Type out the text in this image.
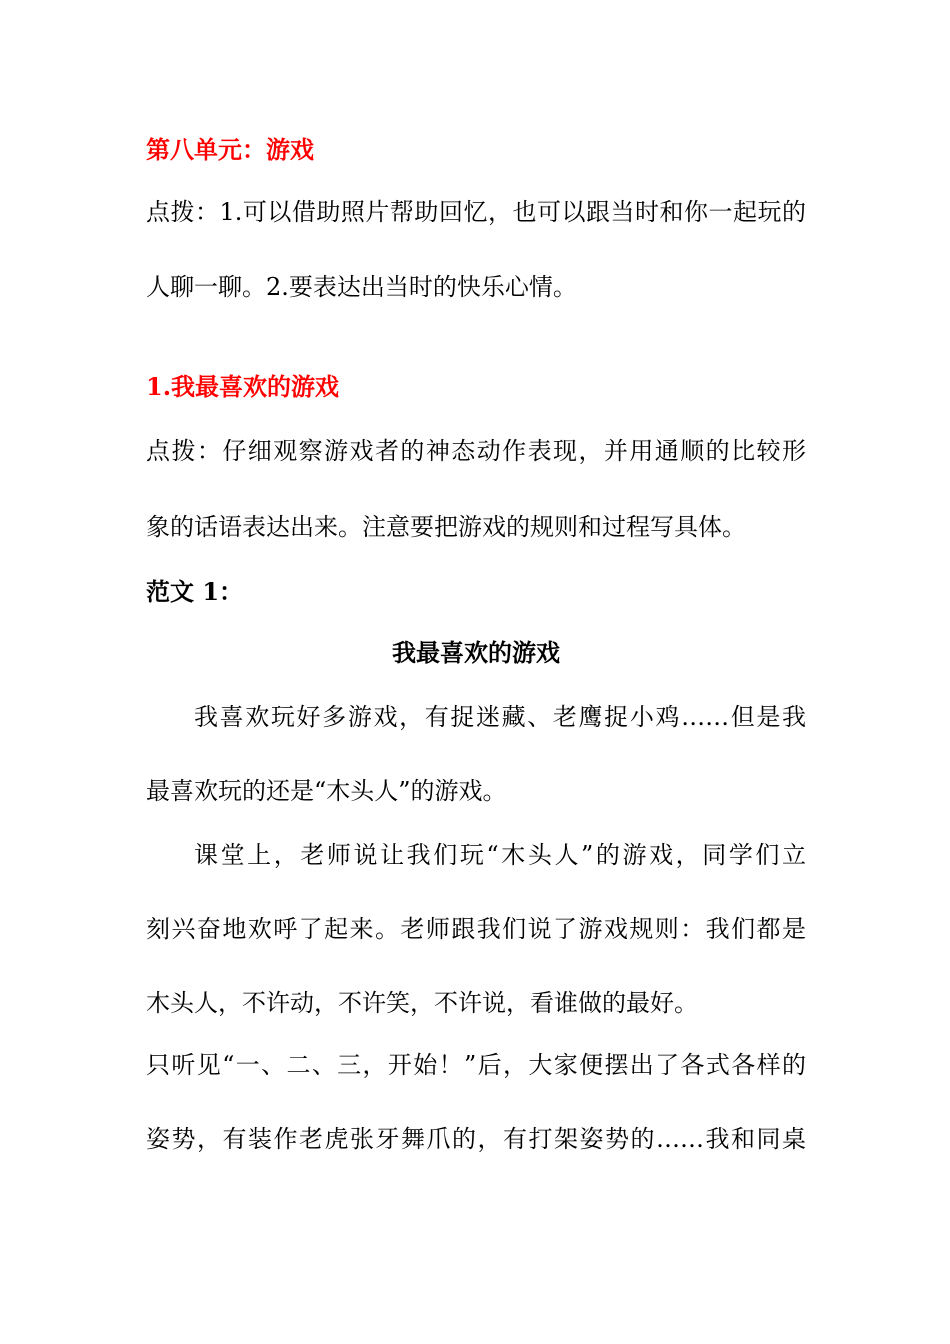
第八单元：游戏
点拨：1.可以借助照片帮助回忆，也可以跟当时和你一起玩的
人聊一聊。2.要表达出当时的快乐心情。
1.我最喜欢的游戏
点拨：仔细观察游戏者的神态动作表现，并用通顺的比较形
象的话语表达出来。注意要把游戏的规则和过程写具体。
范文 1：
我最喜欢的游戏
我喜欢玩好多游戏，有捉迷藏、老鹰捉小鸡……但是我
最喜欢玩的还是“木头人”的游戏。
课堂上，老师说让我们玩“木头人”的游戏，同学们立
刻兴奋地欢呼了起来。老师跟我们说了游戏规则：我们都是
木头人，不许动，不许笑，不许说，看谁做的最好。
只听见“一、二、三，开始！”后，大家便摆出了各式各样的
姿势，有装作老虎张牙舞爪的，有打架姿势的……我和同桌
